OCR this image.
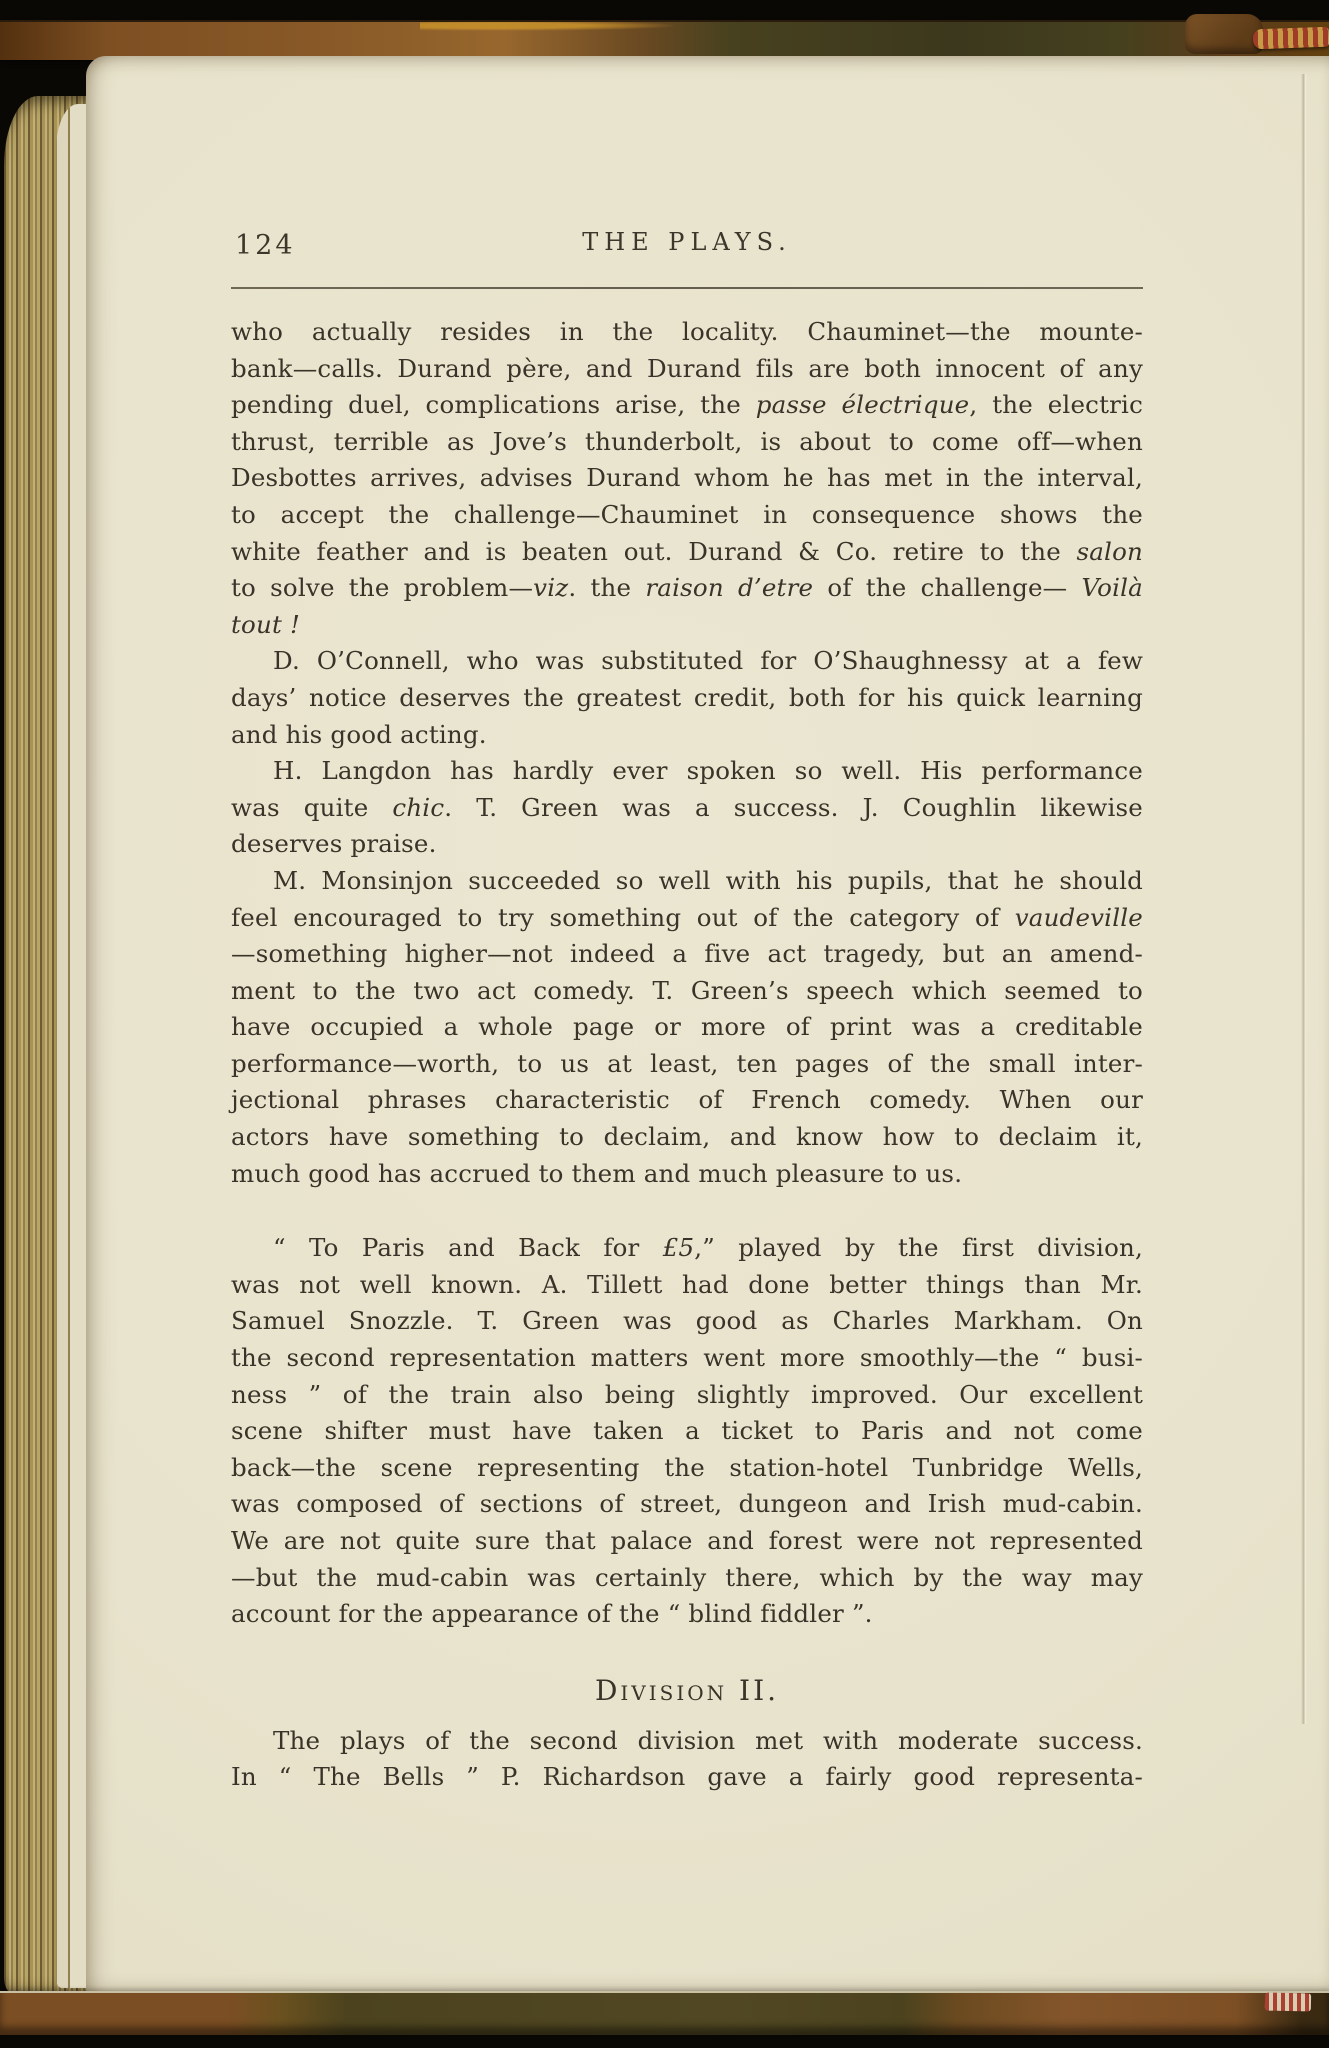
124	THE PLAYS.
who actually resides in the locality. Chauminet—the mounte-
bank—calls. Durand père, and Durand fils are both innocent of any
pending duel, complications arise, the passe électrique, the electric
thrust, terrible as Jove’s thunderbolt, is about to come off—when
Desbottes arrives, advises Durand whom he has met in the interval,
to accept the challenge—Chauminet in consequence shows the
white feather and is beaten out. Durand & Co. retire to the salon
to solve the problem—viz. the raison d’etre of the challenge— Voilà
tout !
D. O’Connell, who was substituted for O’Shaughnessy at a few
days’ notice deserves the greatest credit, both for his quick learning
and his good acting.
H. Langdon has hardly ever spoken so well. His performance
was quite chic. T. Green was a success. J. Coughlin likewise
deserves praise.
M. Monsinjon succeeded so well with his pupils, that he should
feel encouraged to try something out of the category of vaudeville
—something higher—not indeed a five act tragedy, but an amend-
ment to the two act comedy. T. Green’s speech which seemed to
have occupied a whole page or more of print was a creditable
performance—worth, to us at least, ten pages of the small inter-
jectional phrases characteristic of French comedy. When our
actors have something to declaim, and know how to declaim it,
much good has accrued to them and much pleasure to us.
“ To Paris and Back for £5,” played by the first division,
was not well known. A. Tillett had done better things than Mr.
Samuel Snozzle. T. Green was good as Charles Markham. On
the second representation matters went more smoothly—the “ busi-
ness ” of the train also being slightly improved. Our excellent
scene shifter must have taken a ticket to Paris and not come
back—the scene representing the station-hotel Tunbridge Wells,
was composed of sections of street, dungeon and Irish mud-cabin.
We are not quite sure that palace and forest were not represented
—but the mud-cabin was certainly there, which by the way may
account for the appearance of the “ blind fiddler ”.
Division II.
The plays of the second division met with moderate success.
In “ The Bells ” P. Richardson gave a fairly good representa-
